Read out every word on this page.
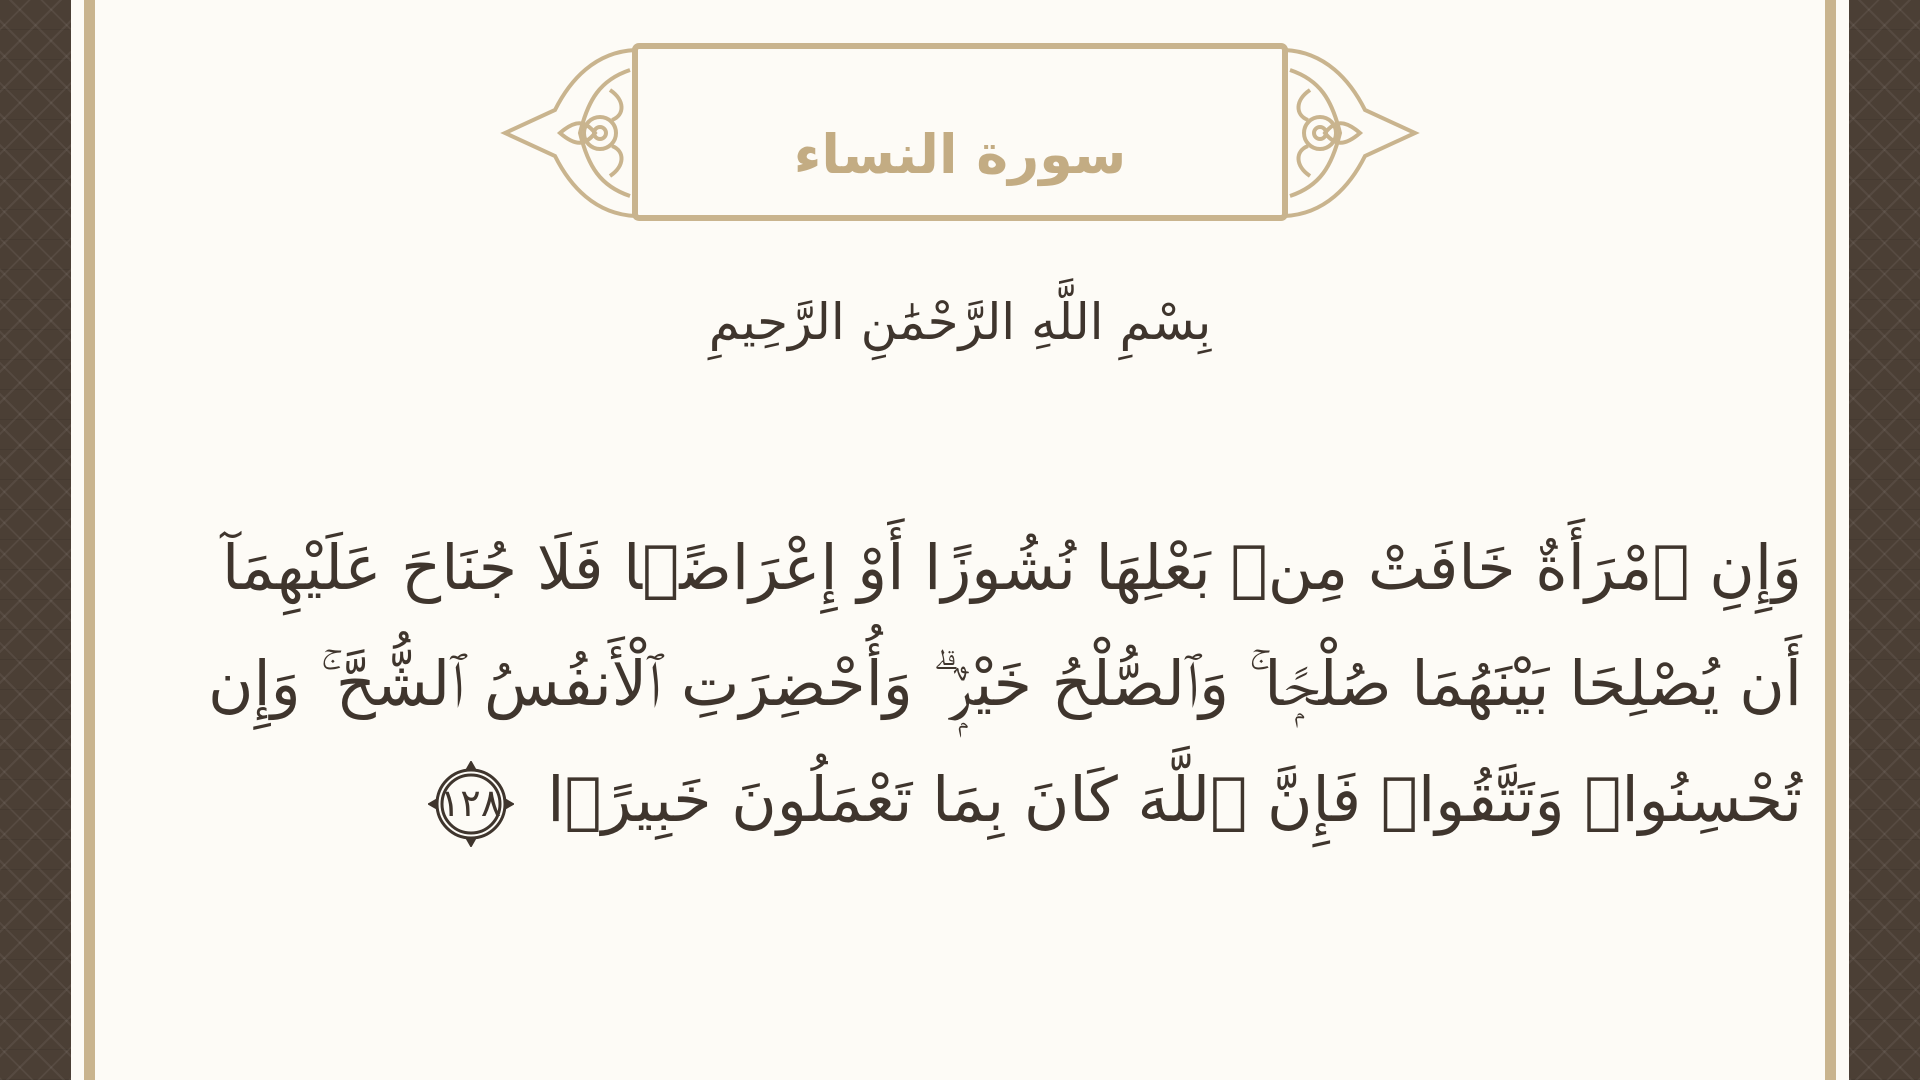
سورة النساء
بِسْمِ اللَّهِ الرَّحْمَٰنِ الرَّحِيمِ
وَإِنِ ٱمْرَأَةٌ خَافَتْ مِنۢ بَعْلِهَا نُشُوزًا أَوْ إِعْرَاضًۭا فَلَا جُنَاحَ عَلَيْهِمَآ
أَن يُصْلِحَا بَيْنَهُمَا صُلْحًۭا ۚ وَٱلصُّلْحُ خَيْرٌۭ ۗ وَأُحْضِرَتِ ٱلْأَنفُسُ ٱلشُّحَّ ۚ وَإِن
تُحْسِنُوا۟ وَتَتَّقُوا۟ فَإِنَّ ٱللَّهَ كَانَ بِمَا تَعْمَلُونَ خَبِيرًۭا
١٢٨
